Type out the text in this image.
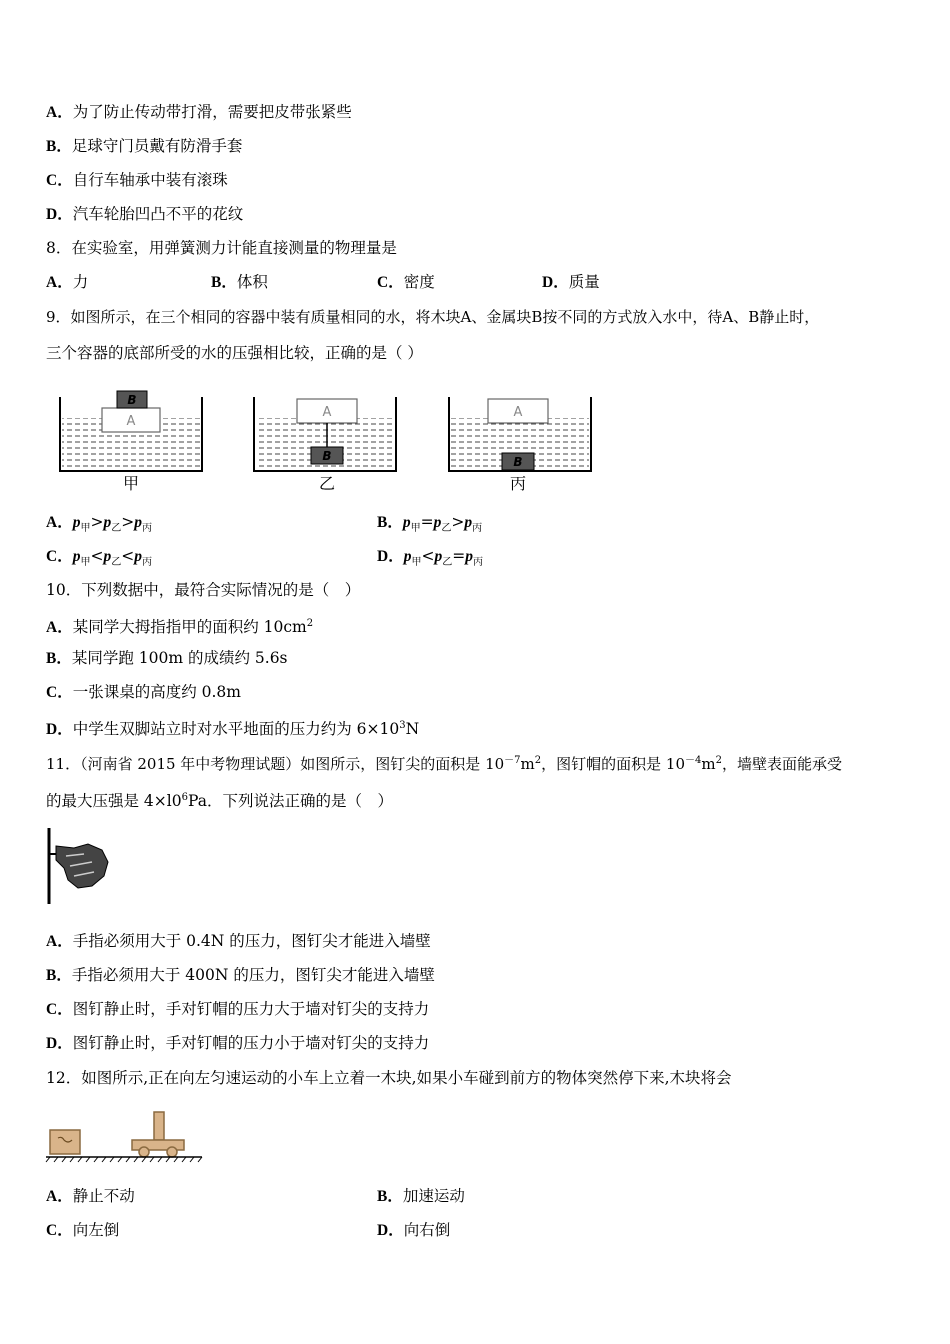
A．为了防止传动带打滑，需要把皮带张紧些
B．足球守门员戴有防滑手套
C．自行车轴承中装有滚珠
D．汽车轮胎凹凸不平的花纹
8．在实验室，用弹簧测力计能直接测量的物理量是
A．力	B．体积	C．密度	D．质量
9．如图所示，在三个相同的容器中装有质量相同的水，将木块A、金属块B按不同的方式放入水中，待A、B静止时，
三个容器的底部所受的水的压强相比较，正确的是（ ）
A
B
甲
A
B
乙
A
B
丙
A．$p_甲>p_乙>p_丙$	B．$p_甲=p_乙>p_丙$
C．$p_甲<p_乙<p_丙$	D．$p_甲<p_乙=p_丙$
10．下列数据中，最符合实际情况的是（　）
A．某同学大拇指指甲的面积约 $10cm^2$
B．某同学跑 100m 的成绩约 5.6s
C．一张课桌的高度约 0.8m
D．中学生双脚站立时对水平地面的压力约为 $6\times 10^3N$
11．（河南省 2015 年中考物理试题）如图所示，图钉尖的面积是 $10^{-7}m^2$，图钉帽的面积是 $10^{-4}m^2$，墙壁表面能承受
的最大压强是 $4\times l0^6Pa$．下列说法正确的是（　）
A．手指必须用大于 0.4N 的压力，图钉尖才能进入墙壁
B．手指必须用大于 400N 的压力，图钉尖才能进入墙壁
C．图钉静止时，手对钉帽的压力大于墙对钉尖的支持力
D．图钉静止时，手对钉帽的压力小于墙对钉尖的支持力
12．如图所示,正在向左匀速运动的小车上立着一木块,如果小车碰到前方的物体突然停下来,木块将会
A．静止不动	B．加速运动
C．向左倒	D．向右倒
